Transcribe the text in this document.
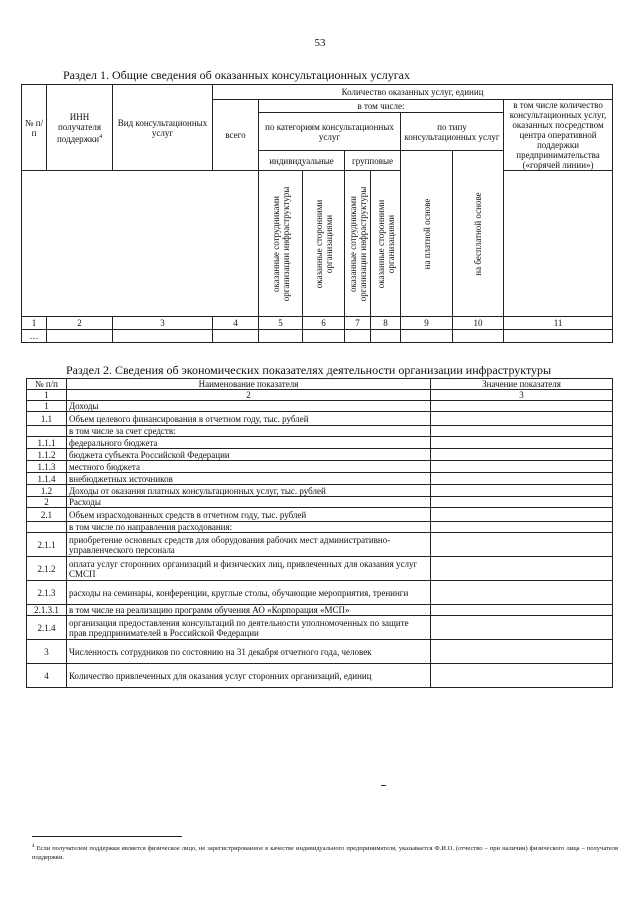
53
Раздел 1. Общие сведения об оказанных консультационных услугах
№ п/п	ИНН получателя поддержки$^4$	Вид консультационных услуг	Количество оказанных услуг, единиц							
			всего	в том числе:						в том числе количество консультационных услуг, оказанных посредством центра оперативной поддержки предпринимательства («горячей линии»)
				по категориям консультационных услуг				по типу консультационных услуг		
				индивидуальные		групповые		на платной основе	на бесплатной основе	

				оказанные сотрудниками организации инфраструктуры	оказанные сторонними организациями	оказанные сотрудниками организации инфраструктуры	оказанные сторонними организациями			

1	2	3	4	5	6	7	8	9	10	11
…										
Раздел 2. Сведения об экономических показателях деятельности организации инфраструктуры
№ п/п	Наименование показателя	Значение показателя
1	2	3
1	Доходы	
1.1	Объем целевого финансирования в отчетном году, тыс. рублей	
	в том числе за счет средств:	
1.1.1	федерального бюджета	
1.1.2	бюджета субъекта Российской Федерации	
1.1.3	местного бюджета	
1.1.4	внебюджетных источников	
1.2	Доходы от оказания платных консультационных услуг, тыс. рублей	
2	Расходы	
2.1	Объем израсходованных средств в отчетном году, тыс. рублей	
	в том числе по направления расходования:	
2.1.1	приобретение основных средств для оборудования рабочих мест административно-управленческого персонала	
2.1.2	оплата услуг сторонних организаций и физических лиц, привлеченных для оказания услуг СМСП	
2.1.3	расходы на семинары, конференции, круглые столы, обучающие мероприятия, тренинги	
2.1.3.1	в том числе на реализацию программ обучения АО «Корпорация «МСП»	
2.1.4	организация предоставления консультаций по деятельности уполномоченных по защите прав предпринимателей в Российской Федерации	
3	Численность сотрудников по состоянию на 31 декабря отчетного года, человек	
4	Количество привлеченных для оказания услуг сторонних организаций, единиц	
$^4$ Если получателем поддержки является физическое лицо, не зарегистрированное в качестве индивидуального предпринимателя, указывается Ф.И.О. (отчество – при наличии) физического лица – получателя поддержки.
